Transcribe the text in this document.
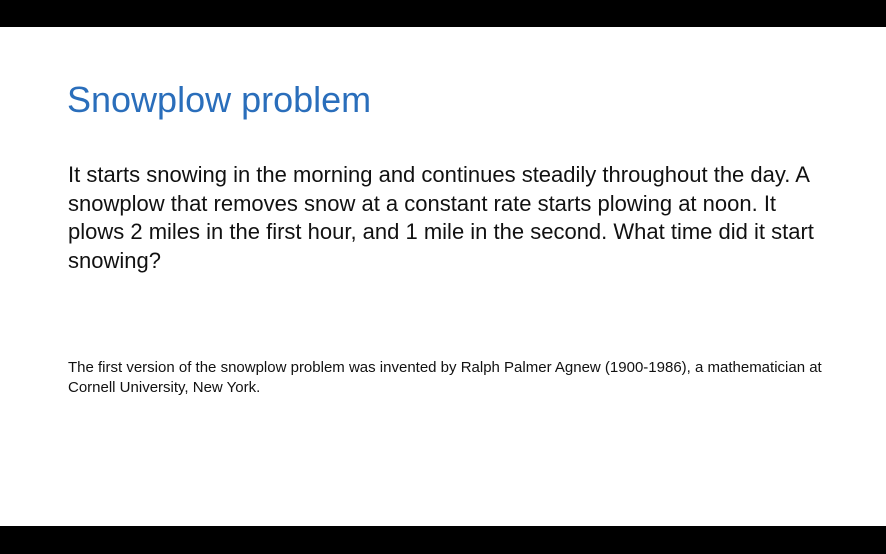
Snowplow problem

It starts snowing in the morning and continues steadily throughout the day. A snowplow that removes snow at a constant rate starts plowing at noon. It plows 2 miles in the first hour, and 1 mile in the second. What time did it start snowing?

The first version of the snowplow problem was invented by Ralph Palmer Agnew (1900-1986), a mathematician at Cornell University, New York.
